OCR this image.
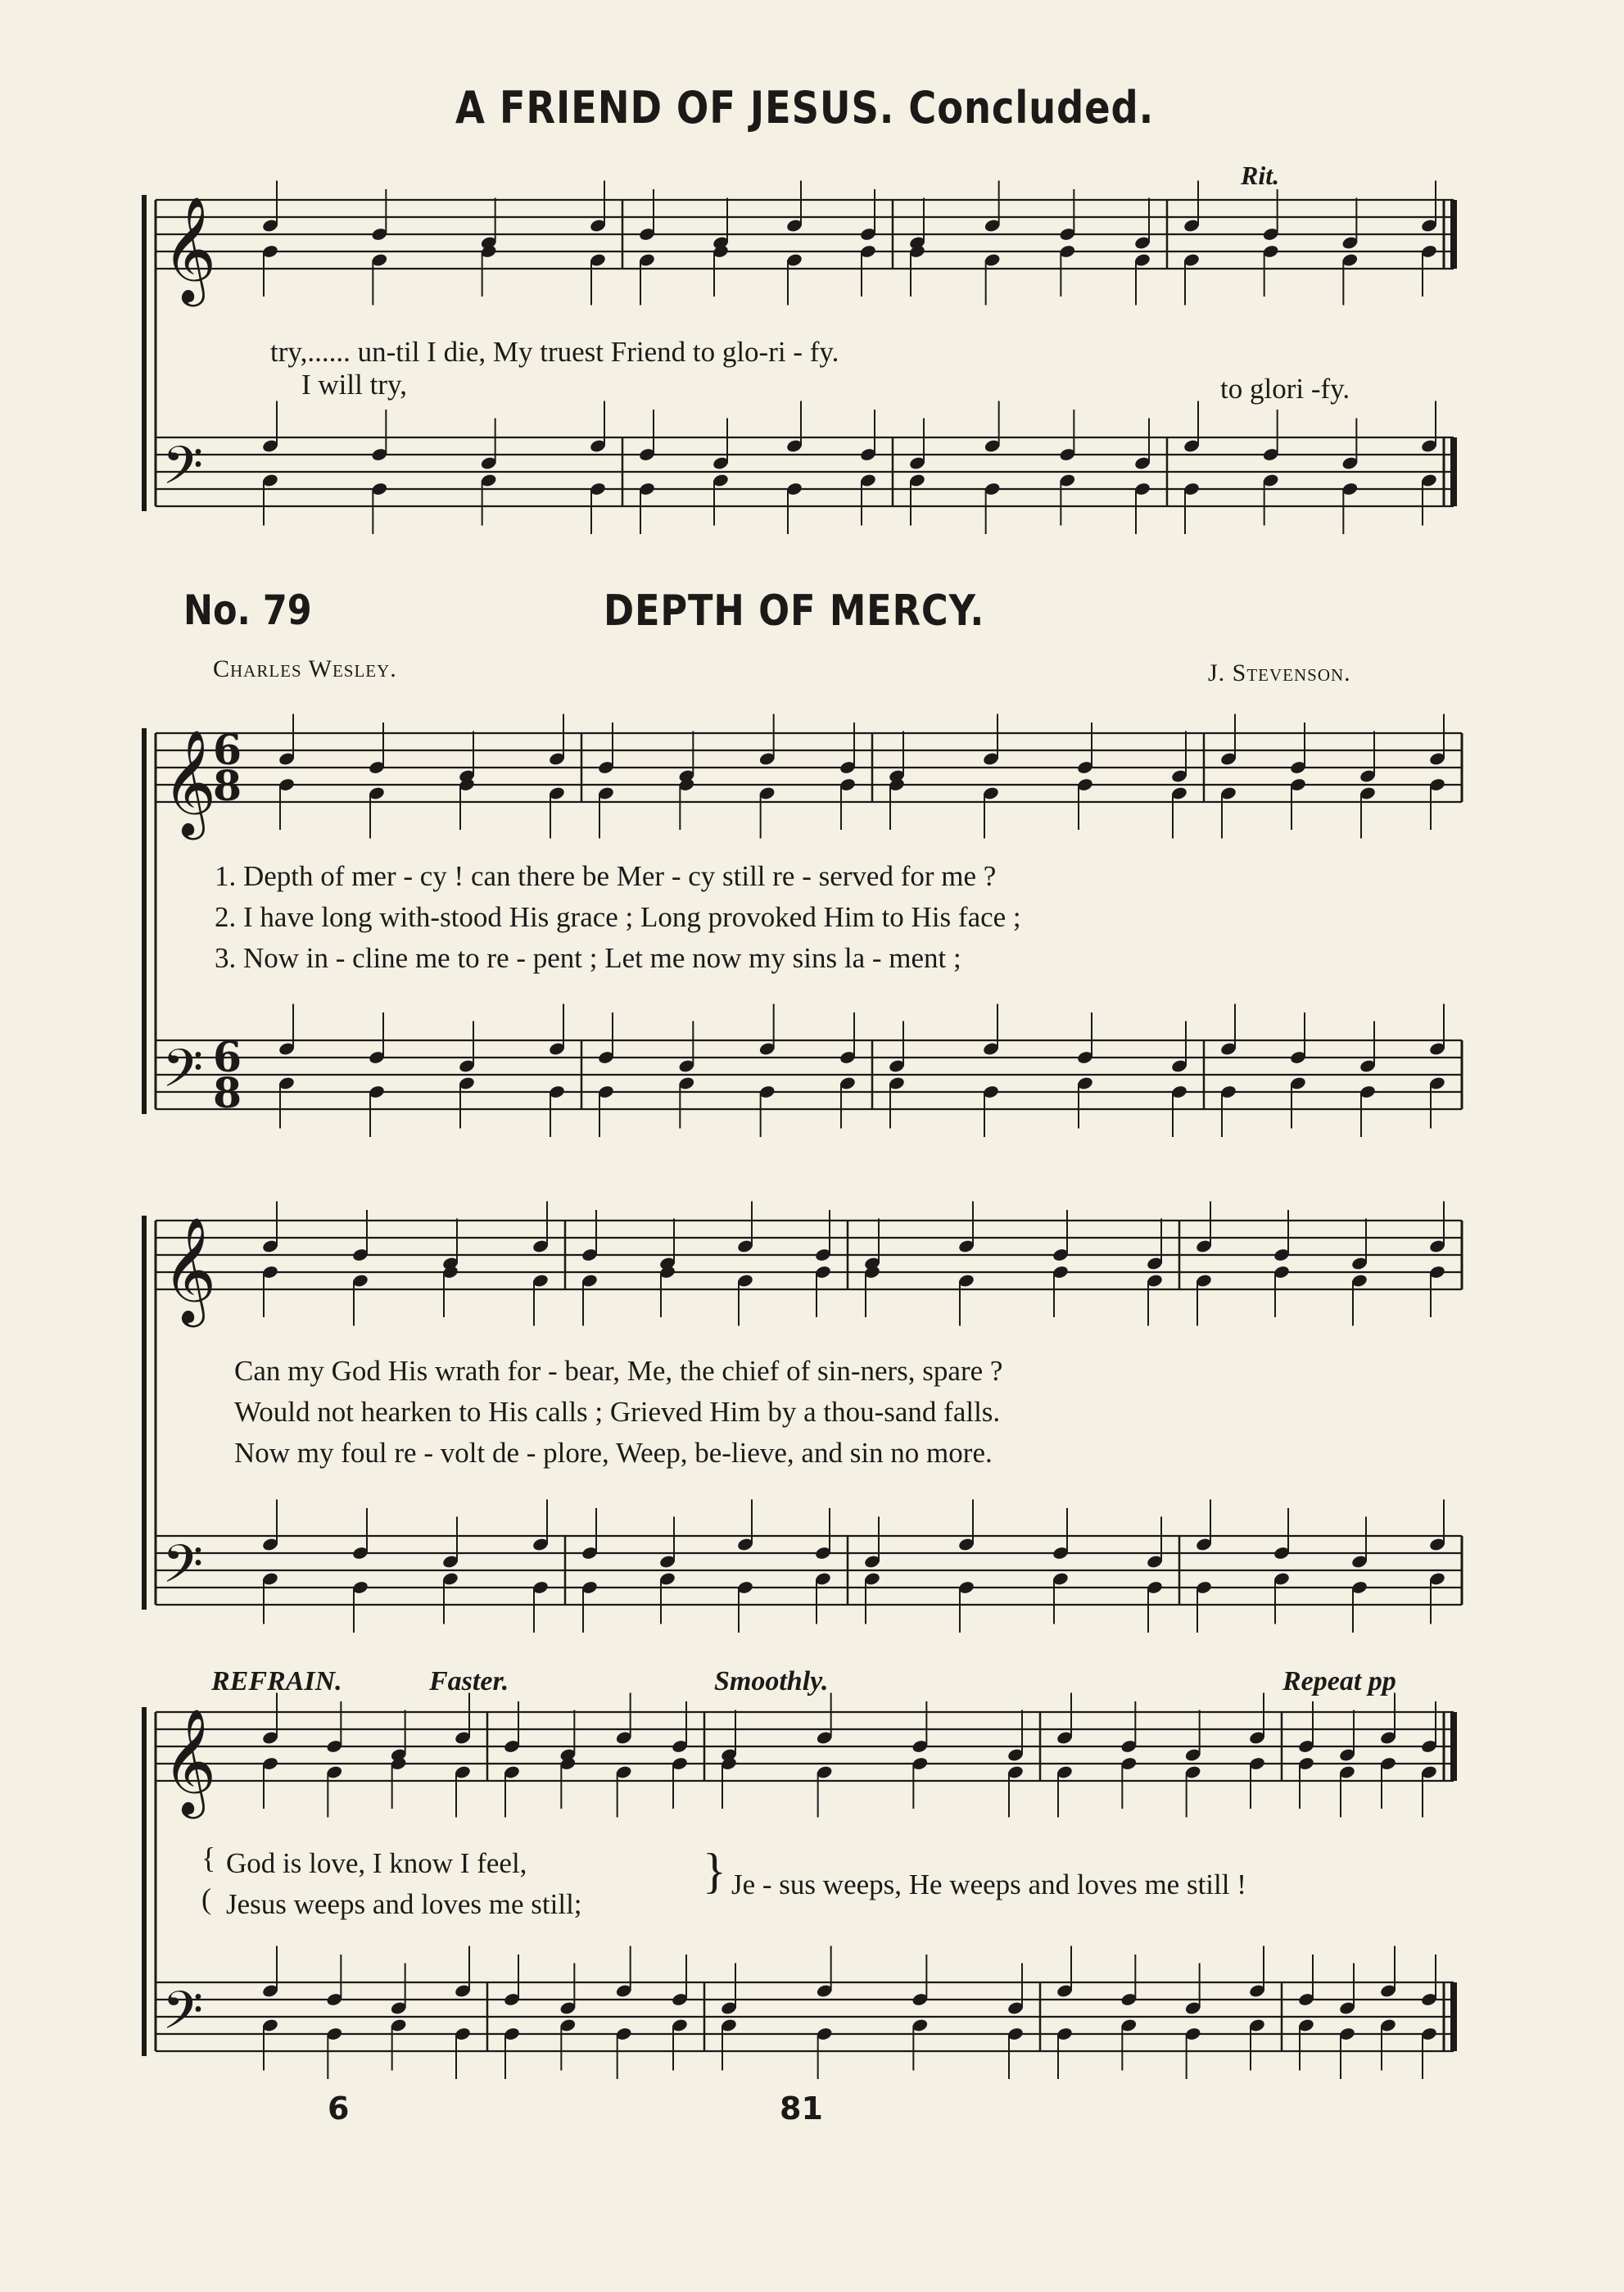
A FRIEND OF JESUS. Concluded.
Rit.
𝄞
𝄢
𝄞
𝄢
6
8
6
8
𝄞
𝄢
𝄞
𝄢
try,...... un-til I die, My truest Friend to glo-ri - fy.
I will try,	to glori -fy.
No. 79	DEPTH OF MERCY.
Charles Wesley.	J. Stevenson.
1. Depth of mer - cy ! can there be Mer - cy still re - served for me ?
2. I have long with-stood His grace ; Long provoked Him to His face ;
3. Now in - cline me to re - pent ; Let me now my sins la - ment ;
Can my God His wrath for - bear, Me, the chief of sin-ners, spare ?
Would not hearken to His calls ; Grieved Him by a thou-sand falls.
Now my foul re - volt de - plore, Weep, be-lieve, and sin no more.
REFRAIN.	Faster.	Smoothly.	Repeat pp
{
(
God is love, I know I feel,
Jesus weeps and loves me still;
} Je - sus weeps, He weeps and loves me still !
6	81
